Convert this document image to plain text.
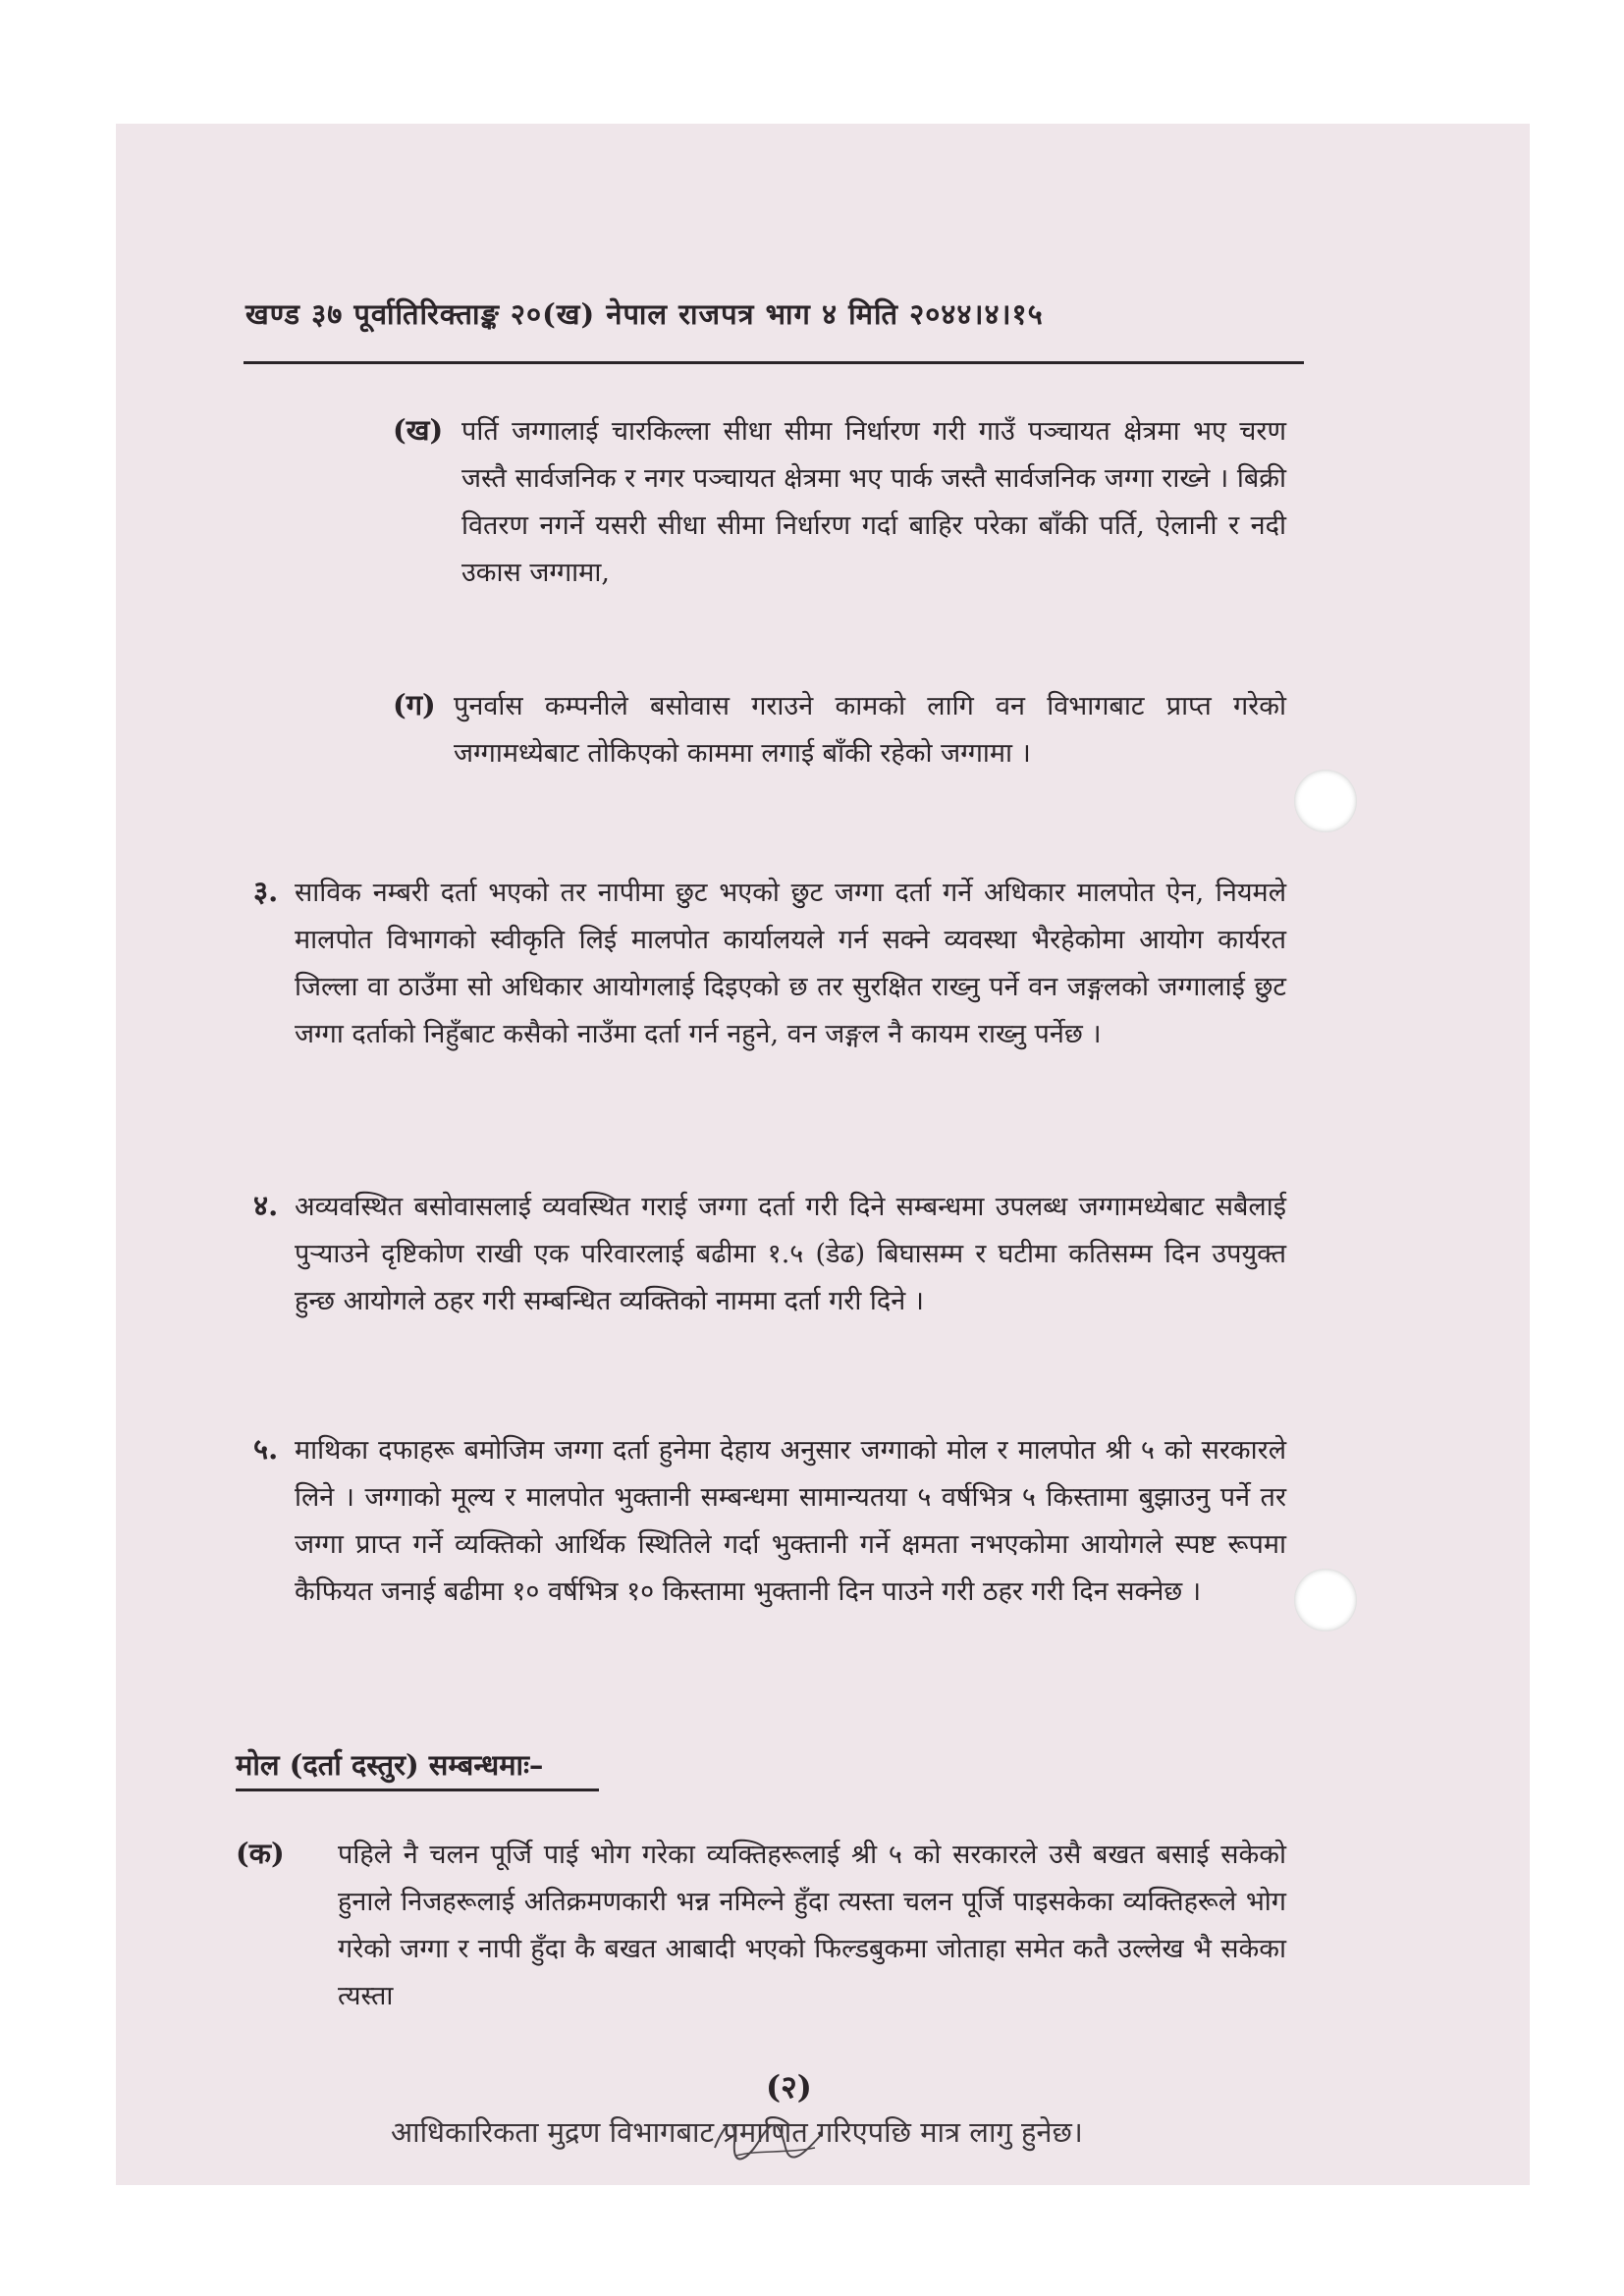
खण्ड ३७ पूर्वातिरिक्ताङ्क २०(ख) नेपाल राजपत्र भाग ४ मिति २०४४।४।१५
(ख) पर्ति जग्गालाई चारकिल्ला सीधा सीमा निर्धारण गरी गाउँ पञ्चायत क्षेत्रमा भए चरण जस्तै सार्वजनिक र नगर पञ्चायत क्षेत्रमा भए पार्क जस्तै सार्वजनिक जग्गा राख्ने । बिक्री वितरण नगर्ने यसरी सीधा सीमा निर्धारण गर्दा बाहिर परेका बाँकी पर्ति, ऐलानी र नदी उकास जग्गामा,
(ग) पुनर्वास कम्पनीले बसोवास गराउने कामको लागि वन विभागबाट प्राप्त गरेको जग्गामध्येबाट तोकिएको काममा लगाई बाँकी रहेको जग्गामा ।
३. साविक नम्बरी दर्ता भएको तर नापीमा छुट भएको छुट जग्गा दर्ता गर्ने अधिकार मालपोत ऐन, नियमले मालपोत विभागको स्वीकृति लिई मालपोत कार्यालयले गर्न सक्ने व्यवस्था भैरहेकोमा आयोग कार्यरत जिल्ला वा ठाउँमा सो अधिकार आयोगलाई दिइएको छ तर सुरक्षित राख्नु पर्ने वन जङ्गलको जग्गालाई छुट जग्गा दर्ताको निहुँबाट कसैको नाउँमा दर्ता गर्न नहुने, वन जङ्गल नै कायम राख्नु पर्नेछ ।
४. अव्यवस्थित बसोवासलाई व्यवस्थित गराई जग्गा दर्ता गरी दिने सम्बन्धमा उपलब्ध जग्गामध्येबाट सबैलाई पुऱ्याउने दृष्टिकोण राखी एक परिवारलाई बढीमा १.५ (डेढ) बिघासम्म र घटीमा कतिसम्म दिन उपयुक्त हुन्छ आयोगले ठहर गरी सम्बन्धित व्यक्तिको नाममा दर्ता गरी दिने ।
५. माथिका दफाहरू बमोजिम जग्गा दर्ता हुनेमा देहाय अनुसार जग्गाको मोल र मालपोत श्री ५ को सरकारले लिने । जग्गाको मूल्य र मालपोत भुक्तानी सम्बन्धमा सामान्यतया ५ वर्षभित्र ५ किस्तामा बुझाउनु पर्ने तर जग्गा प्राप्त गर्ने व्यक्तिको आर्थिक स्थितिले गर्दा भुक्तानी गर्ने क्षमता नभएकोमा आयोगले स्पष्ट रूपमा कैफियत जनाई बढीमा १० वर्षभित्र १० किस्तामा भुक्तानी दिन पाउने गरी ठहर गरी दिन सक्नेछ ।
मोल (दर्ता दस्तुर) सम्बन्धमाः–
(क) पहिले नै चलन पूर्जि पाई भोग गरेका व्यक्तिहरूलाई श्री ५ को सरकारले उसै बखत बसाई सकेको हुनाले निजहरूलाई अतिक्रमणकारी भन्न नमिल्ने हुँदा त्यस्ता चलन पूर्जि पाइसकेका व्यक्तिहरूले भोग गरेको जग्गा र नापी हुँदा कै बखत आबादी भएको फिल्डबुकमा जोताहा समेत कतै उल्लेख भै सकेका त्यस्ता
(२)
आधिकारिकता मुद्रण विभागबाट प्रमाणित गरिएपछि मात्र लागु हुनेछ।
